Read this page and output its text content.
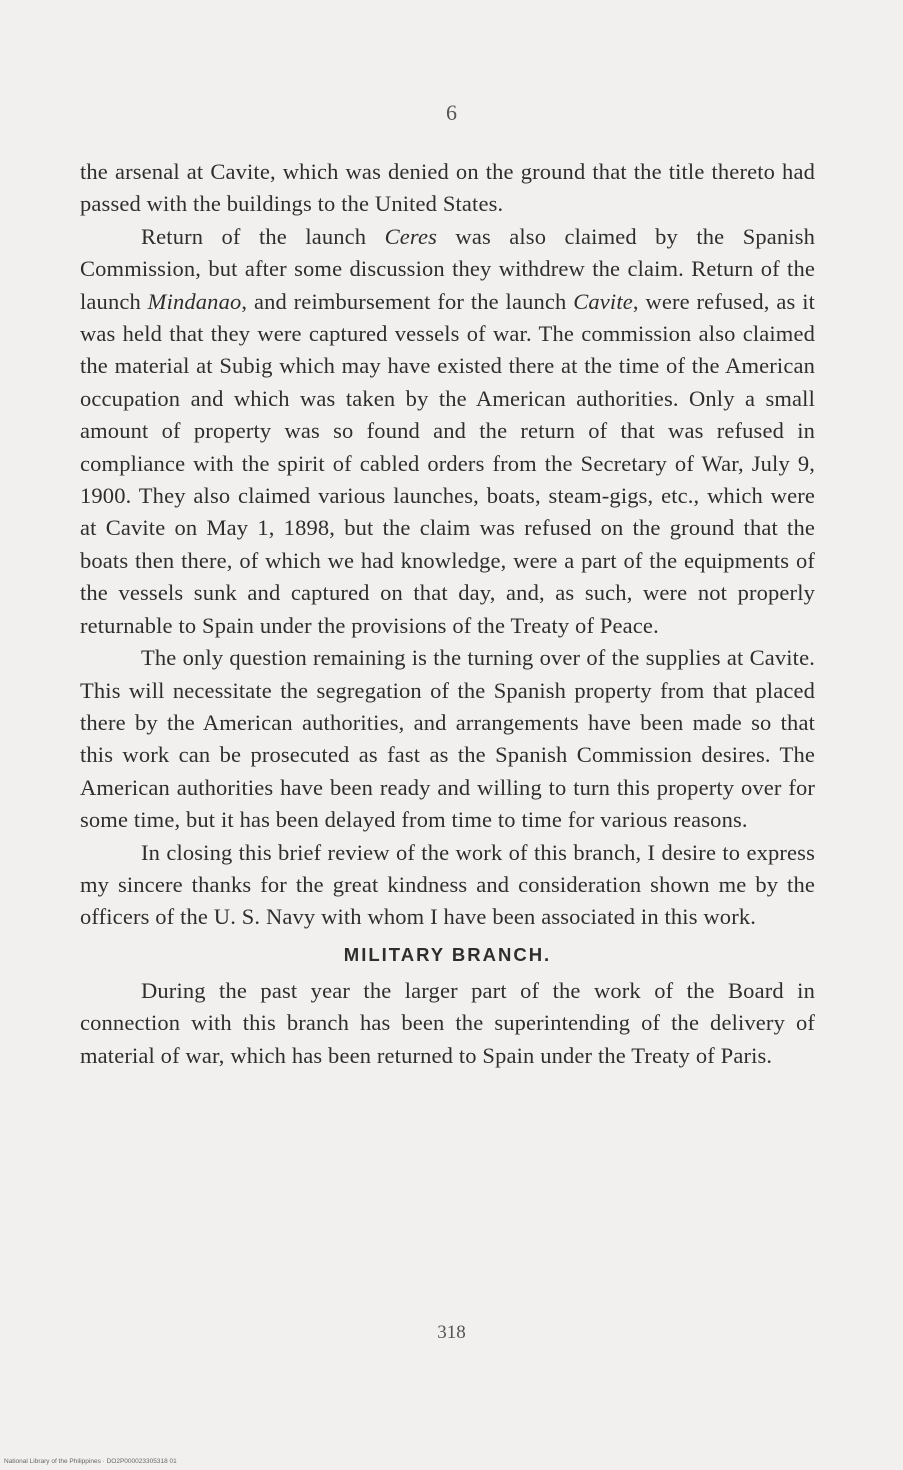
6

the arsenal at Cavite, which was denied on the ground that the title thereto had passed with the buildings to the United States.

Return of the launch Ceres was also claimed by the Spanish Commission, but after some discussion they withdrew the claim. Return of the launch Mindanao, and reimbursement for the launch Cavite, were refused, as it was held that they were captured vessels of war. The commission also claimed the material at Subig which may have existed there at the time of the American occupation and which was taken by the American authorities. Only a small amount of property was so found and the return of that was refused in compliance with the spirit of cabled orders from the Secretary of War, July 9, 1900. They also claimed various launches, boats, steam-gigs, etc., which were at Cavite on May 1, 1898, but the claim was refused on the ground that the boats then there, of which we had knowledge, were a part of the equipments of the vessels sunk and captured on that day, and, as such, were not properly returnable to Spain under the provisions of the Treaty of Peace.

The only question remaining is the turning over of the supplies at Cavite. This will necessitate the segregation of the Spanish property from that placed there by the American authorities, and arrangements have been made so that this work can be prosecuted as fast as the Spanish Commission desires. The American authorities have been ready and willing to turn this property over for some time, but it has been delayed from time to time for various reasons.

In closing this brief review of the work of this branch, I desire to express my sincere thanks for the great kindness and consideration shown me by the officers of the U. S. Navy with whom I have been associated in this work.

MILITARY BRANCH.

During the past year the larger part of the work of the Board in connection with this branch has been the superintending of the delivery of material of war, which has been returned to Spain under the Treaty of Paris.

318
National Library of the Philippines · DO2P000023305318 01
